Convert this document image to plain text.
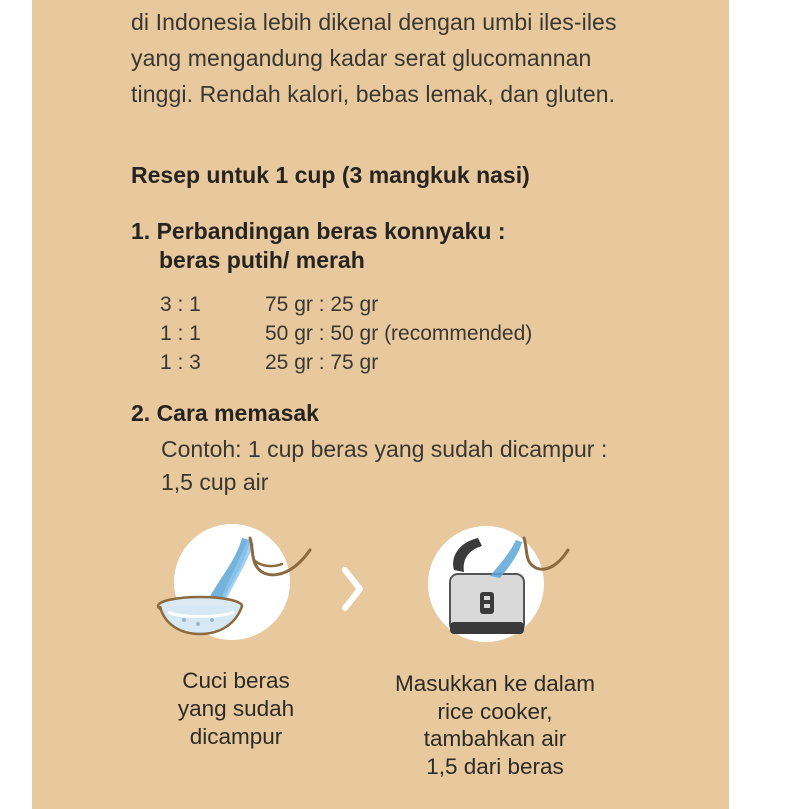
di Indonesia lebih dikenal dengan umbi iles-iles
yang mengandung kadar serat glucomannan
tinggi. Rendah kalori, bebas lemak, dan gluten.
Resep untuk 1 cup (3 mangkuk nasi)
1. Perbandingan beras konnyaku :
beras putih/ merah
3 : 1	75 gr : 25 gr
1 : 1	50 gr : 50 gr (recommended)
1 : 3	25 gr : 75 gr
2. Cara memasak
Contoh: 1 cup beras yang sudah dicampur :
1,5 cup air
Cuci beras
yang sudah
dicampur
Masukkan ke dalam
rice cooker,
tambahkan air
1,5 dari beras
